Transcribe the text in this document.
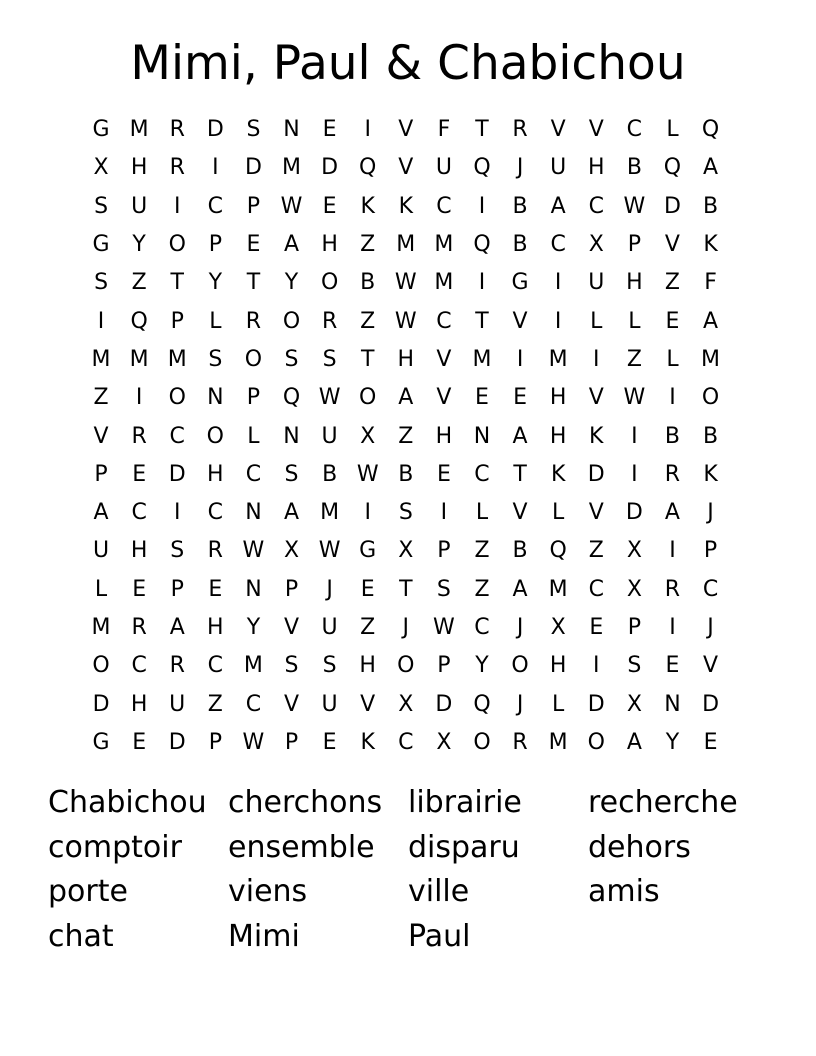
Mimi, Paul & Chabichou
G M R D	S	N	E	I	V	F	T	R	V	V	C	L	Q
X	H	R	I	D M D Q V	U Q	J	U H	B Q A
S	U	I	C	P W E	K	K	C	I	B	A	C W D	B
G	Y	O	P	E	A	H	Z M M Q B	C	X	P	V	K
S	Z	T	Y	T	Y	O B W M	I	G	I	U H	Z	F
I	Q	P	L	R O R	Z W C	T	V	I	L	L	E	A
M M M S	O	S	S	T	H	V M	I	M	I	Z	L	M
Z	I	O N	P	Q W O A	V	E	E	H	V W	I	O
V	R	C O	L	N U	X	Z	H N	A	H	K	I	B	B
P	E	D H	C	S	B W B	E	C	T	K	D	I	R	K
A	C	I	C	N	A M	I	S	I	L	V	L	V	D	A	J
U H	S	R W X W G	X	P	Z	B Q Z	X	I	P
L	E	P	E	N	P	J	E	T	S	Z	A M C	X	R	C
M R	A	H	Y	V	U	Z	J	W C	J	X	E	P	I	J
O C	R	C M S	S	H O	P	Y	O H	I	S	E	V
D H U	Z	C	V	U	V	X	D Q	J	L	D	X	N D
G	E	D	P W P	E	K	C	X O R M O A	Y	E
Chabichou cherchons librairie	recherche
comptoir	ensemble	disparu	dehors
porte	viens	ville	amis
chat	Mimi	Paul
